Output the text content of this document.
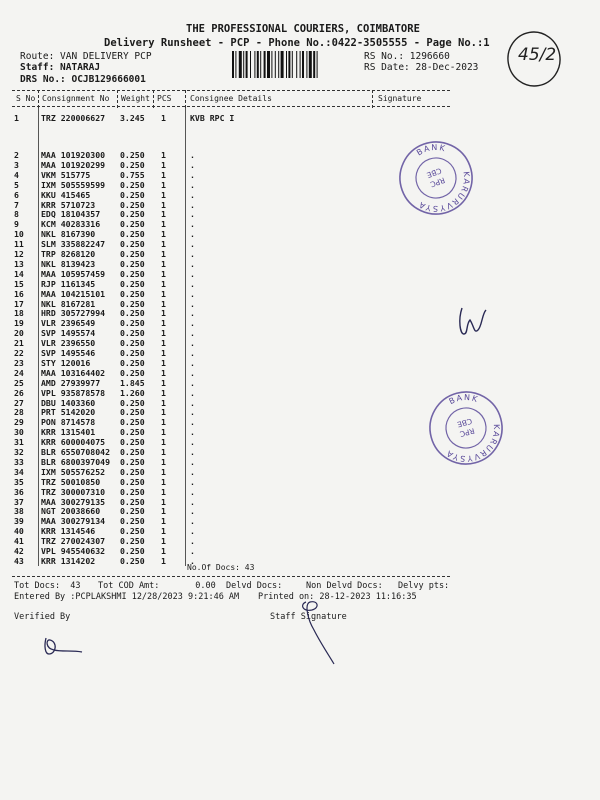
THE PROFESSIONAL COURIERS, COIMBATORE
Delivery Runsheet - PCP - Phone No.:0422-3505555 - Page No.:1
Route: VAN DELIVERY PCP
Staff: NATARAJ
DRS No.: OCJB129666001
RS No.: 1296660
RS Date: 28-Dec-2023
45/2
S No Consignment No Weight PCS Consignee Details	Signature
1	TRZ 220006627 3.245 1	KVB RPC I
2	MAA 101920300 0.250 1	.
3	MAA 101920299 0.250 1	.
4	VKM 515775	0.755 1	.
5	IXM 505559599 0.250 1	.
6	KKU 415465	0.250 1	.
7	KRR 5710723	0.250 1	.
8	EDQ 18104357 0.250 1	.
9	KCM 40283316 0.250 1	.
10 NKL 8167390	0.250 1	.
11 SLM 335882247 0.250 1	.
12 TRP 8268120	0.250 1	.
13 NKL 8139423	0.250 1	.
14 MAA 105957459 0.250 1	.
15 RJP 1161345	0.250 1	.
16 MAA 104215101 0.250 1	.
17 NKL 8167281	0.250 1	.
18 HRD 305727994 0.250 1	.
19 VLR 2396549	0.250 1	.
20 SVP 1495574	0.250 1	.
21 VLR 2396550	0.250 1	.
22 SVP 1495546	0.250 1	.
23 STY 120016	0.250 1	.
24 MAA 103164402 0.250 1	.
25 AMD 27939977 1.845 1	.
26 VPL 935878578 1.260 1	.
27 DBU 1403360	0.250 1	.
28 PRT 5142020	0.250 1	.
29 PON 8714578	0.250 1	.
30 KRR 1315401	0.250 1	.
31 KRR 600004075 0.250 1	.
32 BLR 6550708042 0.250 1	.
33 BLR 6800397049 0.250 1	.
34 IXM 505576252 0.250 1	.
35 TRZ 50010850 0.250 1	.
36 TRZ 300007310 0.250 1	.
37 MAA 300279135 0.250 1	.
38 NGT 20038660 0.250 1	.
39 MAA 300279134 0.250 1	.
40 KRR 1314546	0.250 1	.
41 TRZ 270024307 0.250 1	.
42 VPL 945540632 0.250 1	.
43 KRR 1314202	0.250 1	.
No.Of Docs: 43
Tot Docs:  43 Tot COD Amt:       0.00 Delvd Docs:	Non Delvd Docs: Delvy pts:
Entered By :PCPLAKSHMI 12/28/2023 9:21:46 AM Printed on: 28-12-2023 11:16:35
Verified By	Staff Signature
KARURVYSYA
BANK
RPC
CBE
KARURVYSYA
BANK
RPC
CBE
